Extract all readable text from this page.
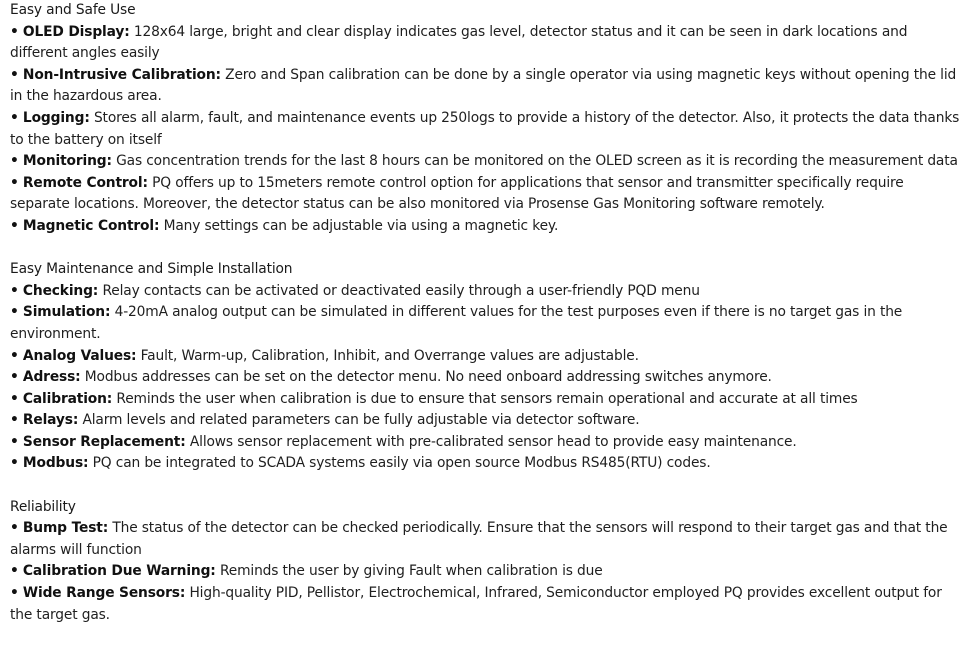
Easy and Safe Use
• OLED Display: 128x64 large, bright and clear display indicates gas level, detector status and it can be seen in dark locations and different angles easily
• Non-Intrusive Calibration: Zero and Span calibration can be done by a single operator via using magnetic keys without opening the lid in the hazardous area.
• Logging: Stores all alarm, fault, and maintenance events up 250logs to provide a history of the detector. Also, it protects the data thanks to the battery on itself
• Monitoring: Gas concentration trends for the last 8 hours can be monitored on the OLED screen as it is recording the measurement data
• Remote Control: PQ offers up to 15meters remote control option for applications that sensor and transmitter specifically require separate locations. Moreover, the detector status can be also monitored via Prosense Gas Monitoring software remotely.
• Magnetic Control: Many settings can be adjustable via using a magnetic key.
Easy Maintenance and Simple Installation
• Checking: Relay contacts can be activated or deactivated easily through a user-friendly PQD menu
• Simulation: 4-20mA analog output can be simulated in different values for the test purposes even if there is no target gas in the environment.
• Analog Values: Fault, Warm-up, Calibration, Inhibit, and Overrange values are adjustable.
• Adress: Modbus addresses can be set on the detector menu. No need onboard addressing switches anymore.
• Calibration: Reminds the user when calibration is due to ensure that sensors remain operational and accurate at all times
• Relays: Alarm levels and related parameters can be fully adjustable via detector software.
• Sensor Replacement: Allows sensor replacement with pre-calibrated sensor head to provide easy maintenance.
• Modbus: PQ can be integrated to SCADA systems easily via open source Modbus RS485(RTU) codes.
Reliability
• Bump Test: The status of the detector can be checked periodically. Ensure that the sensors will respond to their target gas and that the alarms will function
• Calibration Due Warning: Reminds the user by giving Fault when calibration is due
• Wide Range Sensors: High-quality PID, Pellistor, Electrochemical, Infrared, Semiconductor employed PQ provides excellent output for the target gas.
